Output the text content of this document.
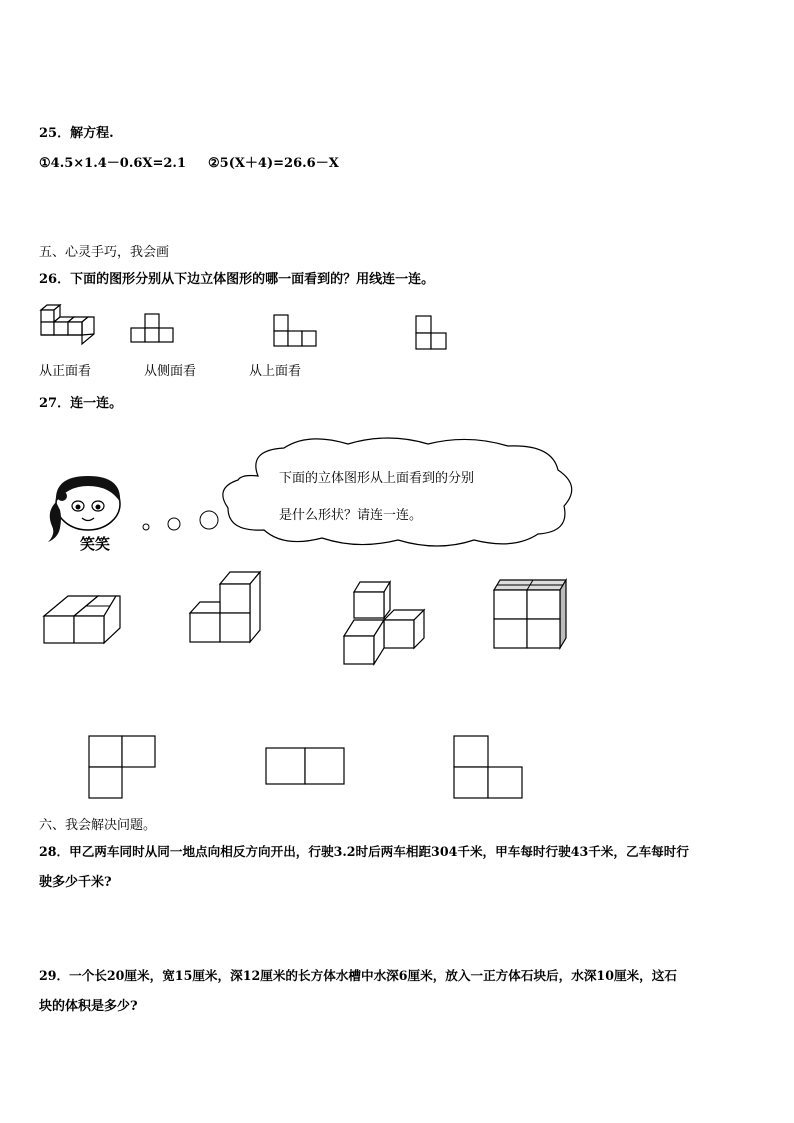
25．解方程.
①4.5×1.4－0.6X=2.1 ②5(X＋4)=26.6－X
五、心灵手巧，我会画
26．下面的图形分别从下边立体图形的哪一面看到的？用线连一连。
从正面看	从侧面看	从上面看
27．连一连。
笑笑
下面的立体图形从上面看到的分别
是什么形状？请连一连。
六、我会解决问题。
28．甲乙两车同时从同一地点向相反方向开出，行驶3.2时后两车相距304千米，甲车每时行驶43千米，乙车每时行
驶多少千米?
29．一个长20厘米，宽15厘米，深12厘米的长方体水槽中水深6厘米，放入一正方体石块后，水深10厘米，这石
块的体积是多少?
